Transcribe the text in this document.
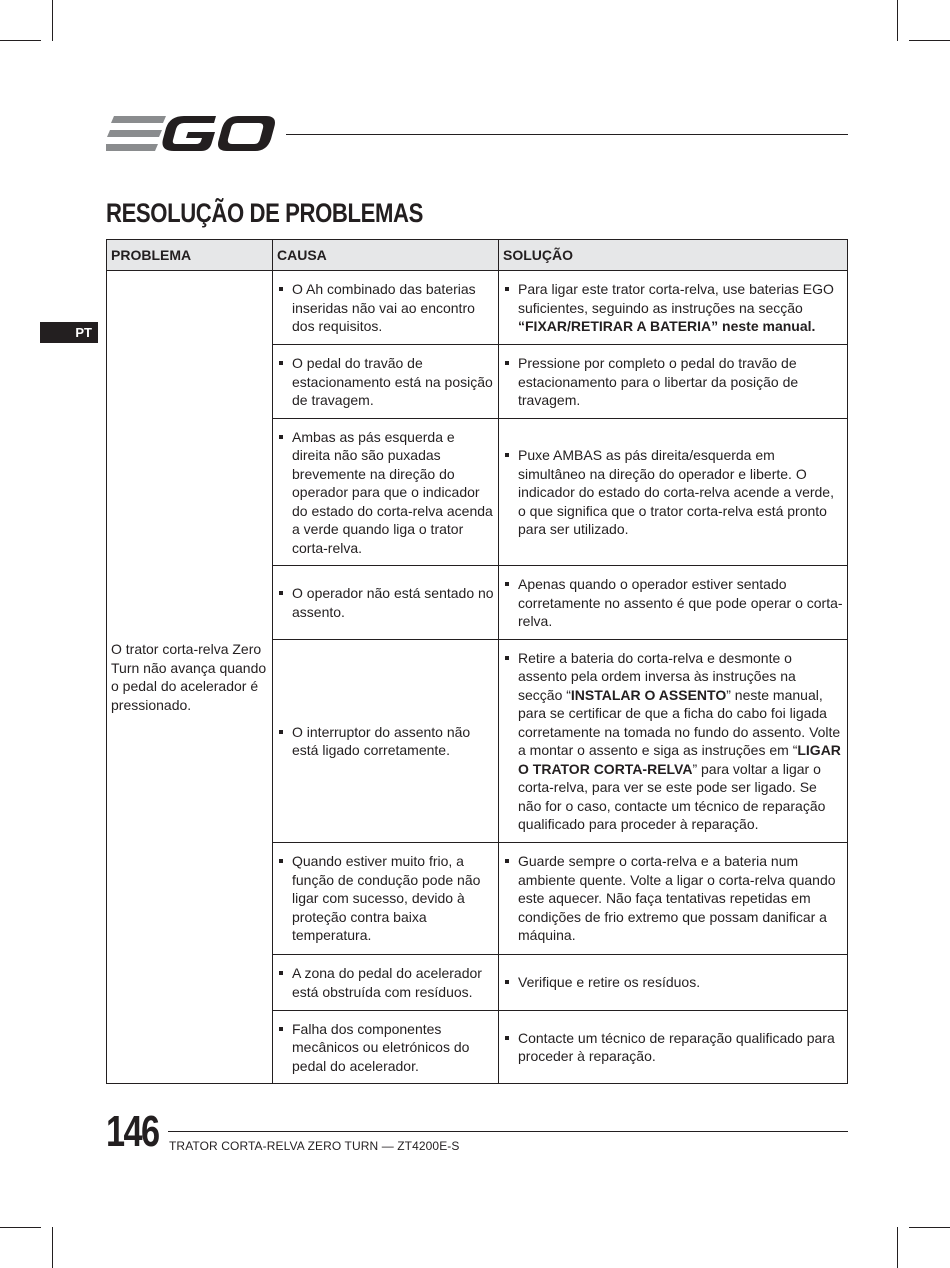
PT
RESOLUÇÃO DE PROBLEMAS
PROBLEMA	CAUSA	SOLUÇÃO
O trator corta-relva Zero Turn não avança quando o pedal do acelerador é pressionado.	O Ah combinado das baterias inseridas não vai ao encontro dos requisitos.	Para ligar este trator corta-relva, use baterias EGO suficientes, seguindo as instruções na secção “FIXAR/RETIRAR A BATERIA” neste manual.

	O pedal do travão de estacionamento está na posição de travagem.	Pressione por completo o pedal do travão de estacionamento para o libertar da posição de travagem.

	Ambas as pás esquerda e direita não são puxadas brevemente na direção do operador para que o indicador do estado do corta-relva acenda a verde quando liga o trator corta-relva.	Puxe AMBAS as pás direita/esquerda em simultâneo na direção do operador e liberte. O indicador do estado do corta-relva acende a verde, o que significa que o trator corta-relva está pronto para ser utilizado.

	O operador não está sentado no assento.	Apenas quando o operador estiver sentado corretamente no assento é que pode operar o corta-relva.

	O interruptor do assento não está ligado corretamente.	Retire a bateria do corta-relva e desmonte o assento pela ordem inversa às instruções na secção “INSTALAR O ASSENTO” neste manual, para se certificar de que a ficha do cabo foi ligada corretamente na tomada no fundo do assento. Volte a montar o assento e siga as instruções em “LIGAR O TRATOR CORTA-RELVA” para voltar a ligar o corta-relva, para ver se este pode ser ligado. Se não for o caso, contacte um técnico de reparação qualificado para proceder à reparação.

	Quando estiver muito frio, a função de condução pode não ligar com sucesso, devido à proteção contra baixa temperatura.	Guarde sempre o corta-relva e a bateria num ambiente quente. Volte a ligar o corta-relva quando este aquecer. Não faça tentativas repetidas em condições de frio extremo que possam danificar a máquina.

	A zona do pedal do acelerador está obstruída com resíduos.	Verifique e retire os resíduos.

	Falha dos componentes mecânicos ou eletrónicos do pedal do acelerador.	Contacte um técnico de reparação qualificado para proceder à reparação.
146 TRATOR CORTA-RELVA ZERO TURN — ZT4200E-S
